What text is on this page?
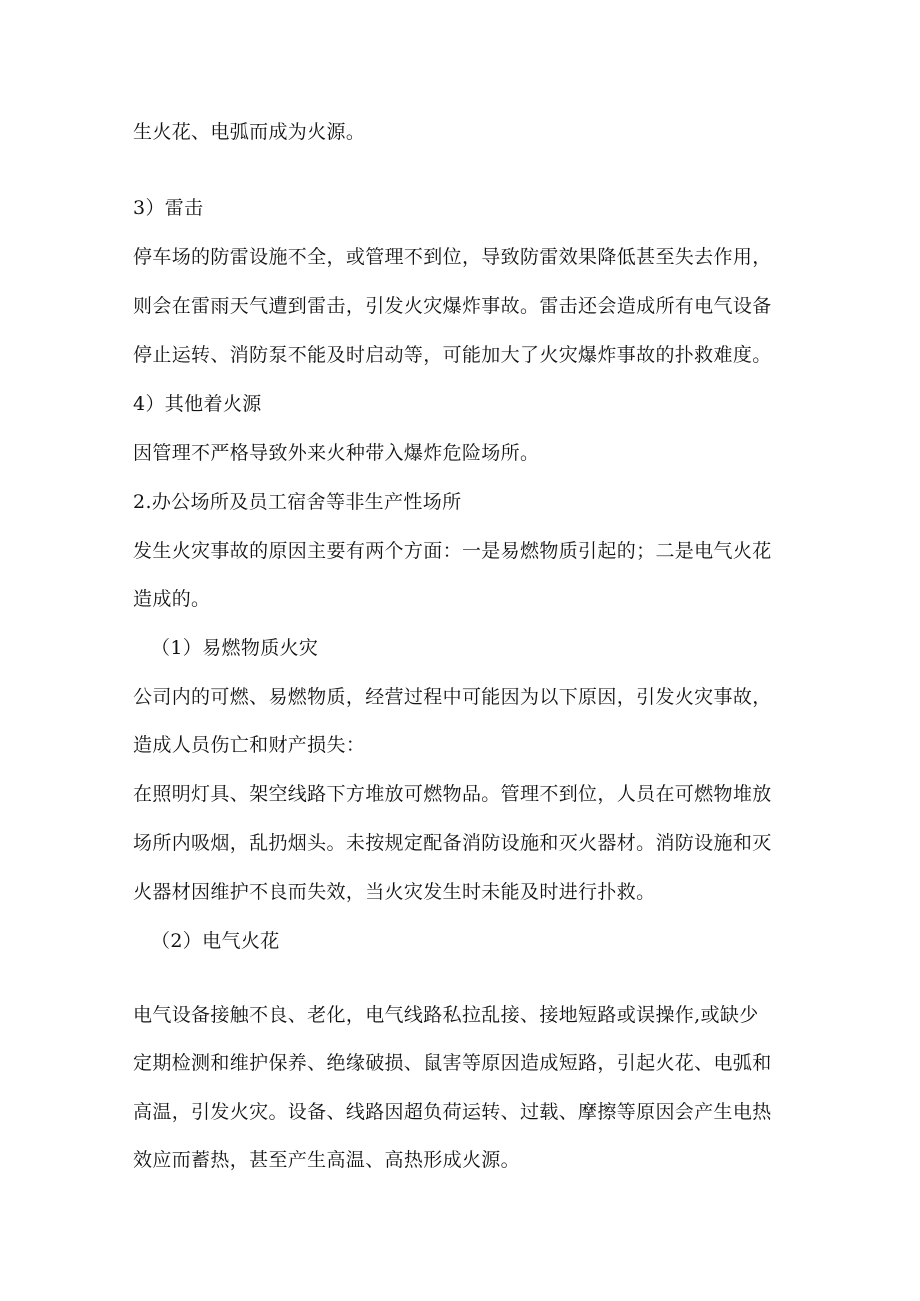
生火花、电弧而成为火源。
3）雷击
停车场的防雷设施不全，或管理不到位，导致防雷效果降低甚至失去作用，
则会在雷雨天气遭到雷击，引发火灾爆炸事故。雷击还会造成所有电气设备
停止运转、消防泵不能及时启动等，可能加大了火灾爆炸事故的扑救难度。
4）其他着火源
因管理不严格导致外来火种带入爆炸危险场所。
2.办公场所及员工宿舍等非生产性场所
发生火灾事故的原因主要有两个方面：一是易燃物质引起的；二是电气火花
造成的。
（1）易燃物质火灾
公司内的可燃、易燃物质，经营过程中可能因为以下原因，引发火灾事故，
造成人员伤亡和财产损失：
在照明灯具、架空线路下方堆放可燃物品。管理不到位，人员在可燃物堆放
场所内吸烟，乱扔烟头。未按规定配备消防设施和灭火器材。消防设施和灭
火器材因维护不良而失效，当火灾发生时未能及时进行扑救。
（2）电气火花
电气设备接触不良、老化，电气线路私拉乱接、接地短路或误操作,或缺少
定期检测和维护保养、绝缘破损、鼠害等原因造成短路，引起火花、电弧和
高温，引发火灾。设备、线路因超负荷运转、过载、摩擦等原因会产生电热
效应而蓄热，甚至产生高温、高热形成火源。
